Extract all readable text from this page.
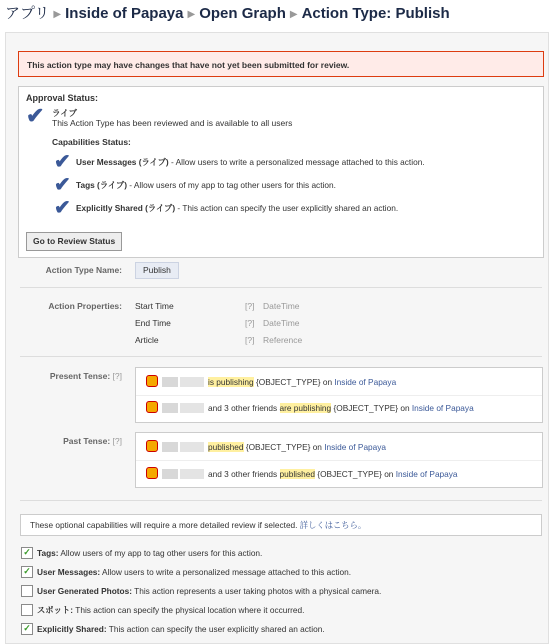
アプリ ▶ Inside of Papaya ▶ Open Graph ▶ Action Type: Publish
This action type may have changes that have not yet been submitted for review.
Approval Status:
✔ ライブ
This Action Type has been reviewed and is available to all users
Capabilities Status:
✔ User Messages (ライブ) - Allow users to write a personalized message attached to this action.
✔ Tags (ライブ) - Allow users of my app to tag other users for this action.
✔ Explicitly Shared (ライブ) - This action can specify the user explicitly shared an action.
Go to Review Status
Action Type Name:	Publish
Action Properties: Start Time	[?] DateTime
End Time	[?] DateTime
Article	[?] Reference
Present Tense: [?]
is publishing {OBJECT_TYPE} on Inside of Papaya
and 3 other friends are publishing {OBJECT_TYPE} on Inside of Papaya
Past Tense: [?]
published {OBJECT_TYPE} on Inside of Papaya
and 3 other friends published {OBJECT_TYPE} on Inside of Papaya
These optional capabilities will require a more detailed review if selected. 詳しくはこちら。
✓ Tags: Allow users of my app to tag other users for this action.
✓ User Messages: Allow users to write a personalized message attached to this action.
User Generated Photos: This action represents a user taking photos with a physical camera.
スポット: This action can specify the physical location where it occurred.
✓ Explicitly Shared: This action can specify the user explicitly shared an action.
